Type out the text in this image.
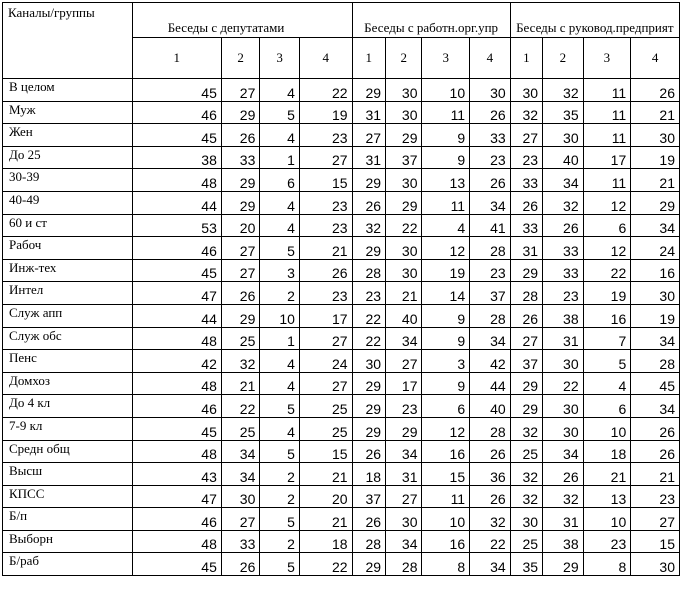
Каналы/группы	Беседы с депутатами				Беседы с работн.орг.упр				Беседы с руковод.предприят			
	1	2	3	4	1	2	3	4	1	2	3	4
В целом	45	27	4	22	29	30	10	30	30	32	11	26
Муж	46	29	5	19	31	30	11	26	32	35	11	21
Жен	45	26	4	23	27	29	9	33	27	30	11	30
До 25	38	33	1	27	31	37	9	23	23	40	17	19
30-39	48	29	6	15	29	30	13	26	33	34	11	21
40-49	44	29	4	23	26	29	11	34	26	32	12	29
60 и ст	53	20	4	23	32	22	4	41	33	26	6	34
Рабоч	46	27	5	21	29	30	12	28	31	33	12	24
Инж-тех	45	27	3	26	28	30	19	23	29	33	22	16
Интел	47	26	2	23	23	21	14	37	28	23	19	30
Служ апп	44	29	10	17	22	40	9	28	26	38	16	19
Служ обс	48	25	1	27	22	34	9	34	27	31	7	34
Пенс	42	32	4	24	30	27	3	42	37	30	5	28
Домхоз	48	21	4	27	29	17	9	44	29	22	4	45
До 4 кл	46	22	5	25	29	23	6	40	29	30	6	34
7-9 кл	45	25	4	25	29	29	12	28	32	30	10	26
Средн общ	48	34	5	15	26	34	16	26	25	34	18	26
Высш	43	34	2	21	18	31	15	36	32	26	21	21
КПСС	47	30	2	20	37	27	11	26	32	32	13	23
Б/п	46	27	5	21	26	30	10	32	30	31	10	27
Выборн	48	33	2	18	28	34	16	22	25	38	23	15
Б/раб	45	26	5	22	29	28	8	34	35	29	8	30
